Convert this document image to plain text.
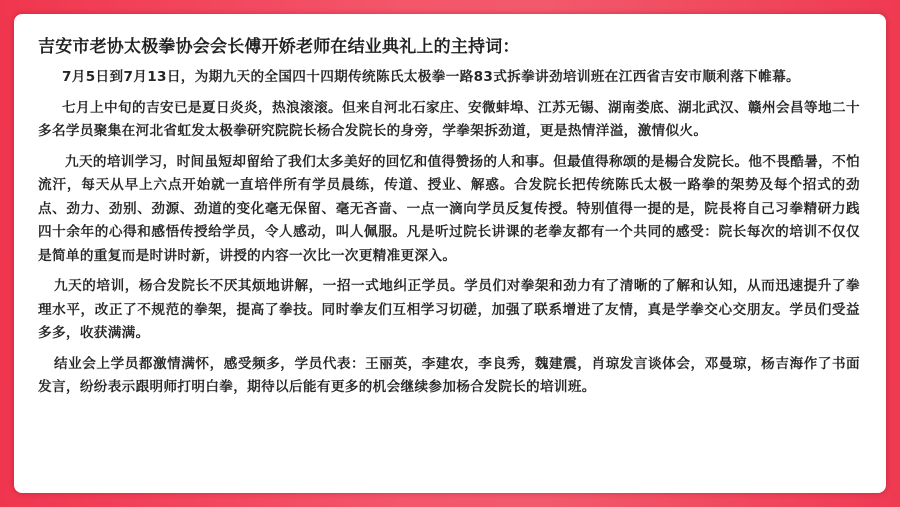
吉安市老协太极拳协会会长傅开娇老师在结业典礼上的主持词：

7月5日到7月13日，为期九天的全国四十四期传统陈氏太极拳一路83式拆拳讲劲培训班在江西省吉安市顺利落下帷幕。

七月上中旬的吉安已是夏日炎炎，热浪滚滚。但来自河北石家庄、安微蚌埠、江苏无锡、湖南娄底、湖北武汉、赣州会昌等地二十多名学员聚集在河北省虹发太极拳研究院院长杨合发院长的身旁，学拳架拆劲道，更是热情洋溢，激情似火。

九天的培训学习，时间虽短却留给了我们太多美好的回忆和值得赞扬的人和事。但最值得称颂的是楊合发院长。他不畏酷暑，不怕流汗，每天从早上六点开始就一直培伴所有学员晨练，传道、授业、解惑。合发院长把传统陈氏太极一路拳的架势及每个招式的劲点、劲力、劲别、劲源、劲道的变化毫无保留、毫无吝啬、一点一滴向学员反复传授。特别值得一提的是，院長将自己习拳精研力践四十余年的心得和感悟传授给学员，令人感动，叫人佩服。凡是听过院长讲课的老拳友都有一个共同的感受：院长每次的培训不仅仅是简单的重复而是时讲时新，讲授的内容一次比一次更精准更深入。

九天的培训，杨合发院长不厌其烦地讲解，一招一式地纠正学员。学员们对拳架和劲力有了清晰的了解和认知，从而迅速提升了拳理水平，改正了不规范的拳架，提高了拳技。同时拳友们互相学习切磋，加强了联系增进了友情，真是学拳交心交朋友。学员们受益多多，收获满满。

结业会上学员都激情满怀，感受频多，学员代表：王丽英，李建农，李良秀，魏建震，肖琼发言谈体会，邓曼琼，杨吉海作了书面发言，纷纷表示跟明师打明白拳，期待以后能有更多的机会继续参加杨合发院长的培训班。
